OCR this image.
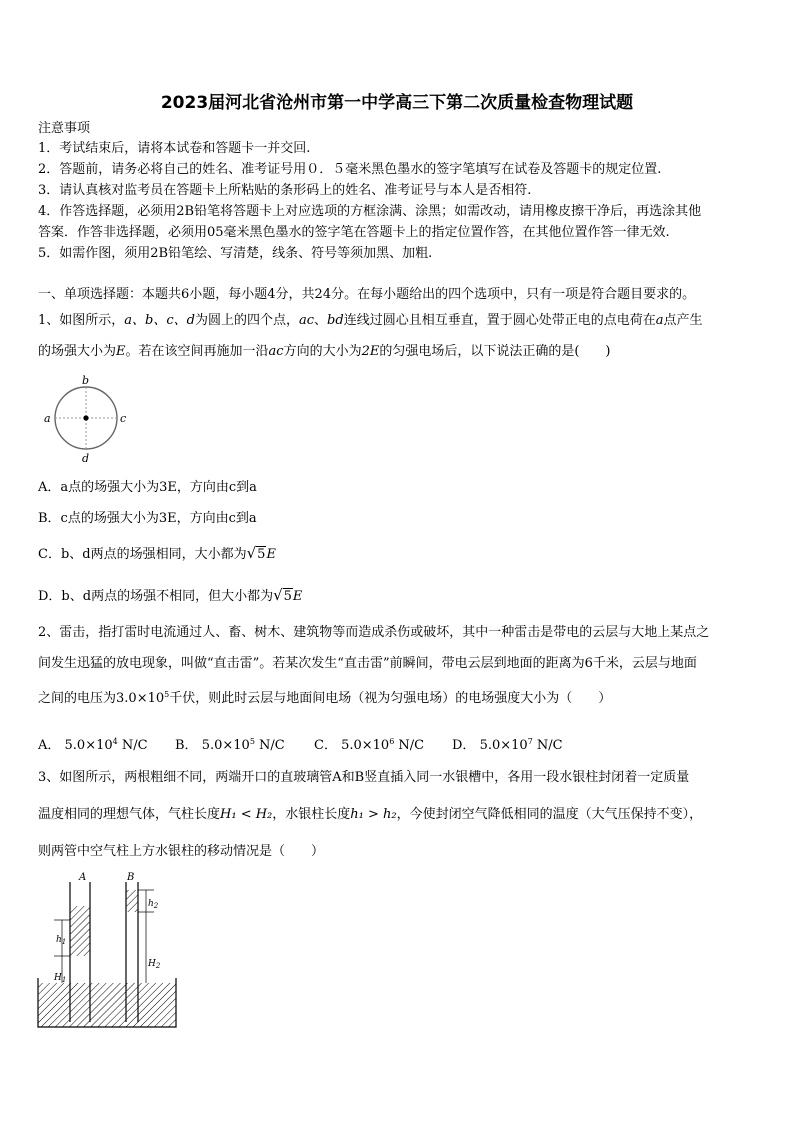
2023届河北省沧州市第一中学高三下第二次质量检查物理试题
注意事项
1．考试结束后，请将本试卷和答题卡一并交回.
2．答题前，请务必将自己的姓名、准考证号用０．５毫米黑色墨水的签字笔填写在试卷及答题卡的规定位置.
3．请认真核对监考员在答题卡上所粘贴的条形码上的姓名、准考证号与本人是否相符.
4．作答选择题，必须用2B铅笔将答题卡上对应选项的方框涂满、涂黑；如需改动，请用橡皮擦干净后，再选涂其他
答案．作答非选择题，必须用05毫米黑色墨水的签字笔在答题卡上的指定位置作答，在其他位置作答一律无效.
5．如需作图，须用2B铅笔绘、写清楚，线条、符号等须加黑、加粗.
一、单项选择题：本题共6小题，每小题4分，共24分。在每小题给出的四个选项中，只有一项是符合题目要求的。
1、如图所示，a、b、c、d为圆上的四个点，ac、bd连线过圆心且相互垂直，置于圆心处带正电的点电荷在a点产生
的场强大小为E。若在该空间再施加一沿ac方向的大小为2E的匀强电场后，以下说法正确的是(　　)
b
a	c
d
A．a点的场强大小为3E，方向由c到a
B．c点的场强大小为3E，方向由c到a
C．b、d两点的场强相同，大小都为√5E
D．b、d两点的场强不相同，但大小都为√5E
2、雷击，指打雷时电流通过人、畜、树木、建筑物等而造成杀伤或破坏，其中一种雷击是带电的云层与大地上某点之
间发生迅猛的放电现象，叫做“直击雷”。若某次发生“直击雷”前瞬间，带电云层到地面的距离为6千米，云层与地面
之间的电压为$3.0\times 10^5$千伏，则此时云层与地面间电场（视为匀强电场）的电场强度大小为（　　）
A． $5.0\times 10^4$ N/C B． $5.0\times 10^5$ N/C C． $5.0\times 10^6$ N/C D． $5.0\times 10^7$ N/C
3、如图所示，两根粗细不同，两端开口的直玻璃管A和B竖直插入同一水银槽中，各用一段水银柱封闭着一定质量
温度相同的理想气体，气柱长度H₁ < H₂，水银柱长度h₁ > h₂，今使封闭空气降低相同的温度（大气压保持不变），
则两管中空气柱上方水银柱的移动情况是（　　）
A	B
$h_1$
$H_1$
$h_2$
$H_2$
